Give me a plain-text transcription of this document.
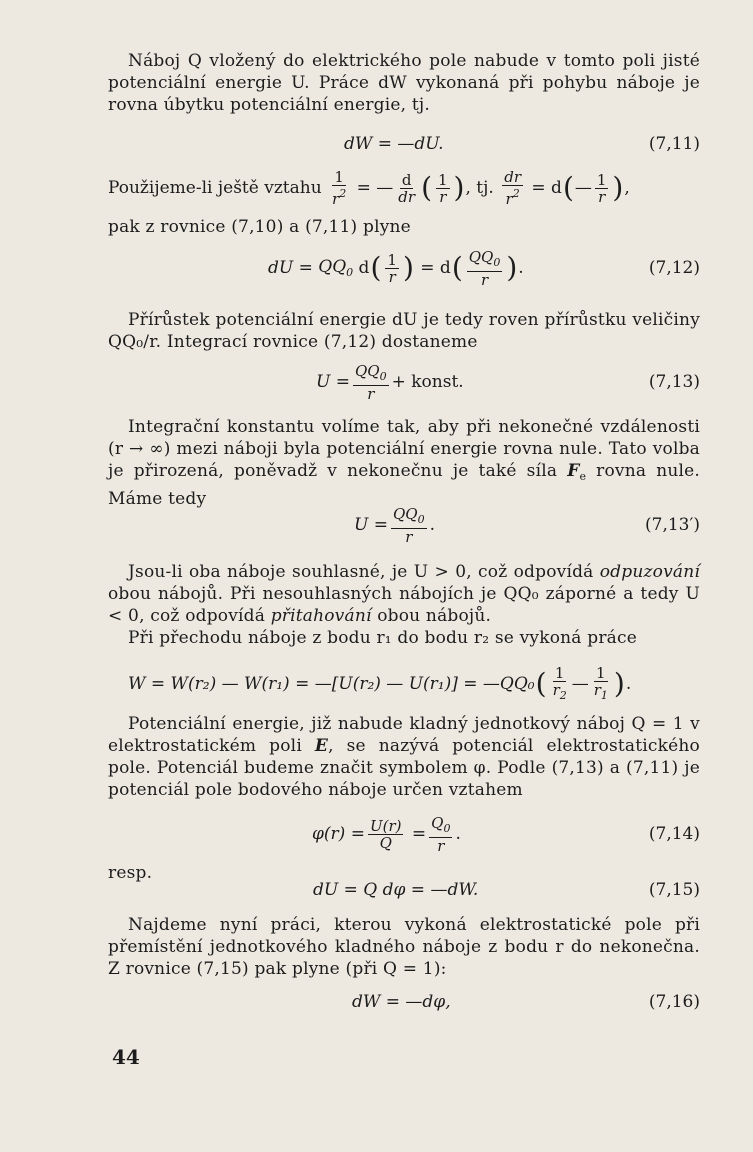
Náboj Q vložený do elektrického pole nabude v tomto poli jisté potenciální energie U. Práce dW vykonaná při pohybu náboje je rovna úbytku potenciální energie, tj.
dW
= —dU.	(7,11)
Použijeme-li ještě vztahu
$\frac{1}{r^2}$ = — $\frac{d}{dr}$ ( $\frac{1}{r}$ ) , tj.
$\frac{dr}{r^2} = d$ ( — $\frac{1}{r}$ ) ,
pak z rovnice (7,10) a (7,11) plyne
dU = $QQ_0$ d ( $\frac{1}{r}$ ) = d ( $\frac{QQ_0}{r}$ ) .	(7,12)
Přírůstek potenciální energie dU je tedy roven přírůstku veličiny QQ₀/r. Integrací rovnice (7,12) dostaneme
$U = \frac{QQ_0}{r}$ + konst.	(7,13)
Integrační konstantu volíme tak, aby při nekonečné vzdálenosti (r → ∞) mezi náboji byla potenciální energie rovna nule. Tato volba je přirozená, poněvadž v nekonečnu je také síla $F_e$ rovna nule. Máme tedy
$U = \frac{QQ_0}{r}$ .	(7,13′)
Jsou-li oba náboje souhlasné, je U > 0, což odpovídá odpuzování obou nábojů. Při nesouhlasných nábojích je QQ₀ záporné a tedy U < 0, což odpovídá přitahování obou nábojů.
Při přechodu náboje z bodu r₁ do bodu r₂ se vykoná práce
W = W(r₂) — W(r₁) = —[U(r₂) — U(r₁)] = —QQ₀ ( $\frac{1}{r_2}$ — $\frac{1}{r_1}$ ) .
Potenciální energie, již nabude kladný jednotkový náboj Q = 1 v elektrostatickém poli E, se nazývá potenciál elektrostatického pole. Potenciál budeme značit symbolem φ. Podle (7,13) a (7,11) je potenciál pole bodového náboje určen vztahem
$\varphi(r) = \frac{U(r)}{Q} = \frac{Q_0}{r}$ .	(7,14)
resp.
dU = Q dφ = —dW.	(7,15)
Najdeme nyní práci, kterou vykoná elektrostatické pole při přemístění jednotkového kladného náboje z bodu r do nekonečna. Z rovnice (7,15) pak plyne (při Q = 1):
dW = —dφ,	(7,16)
44
